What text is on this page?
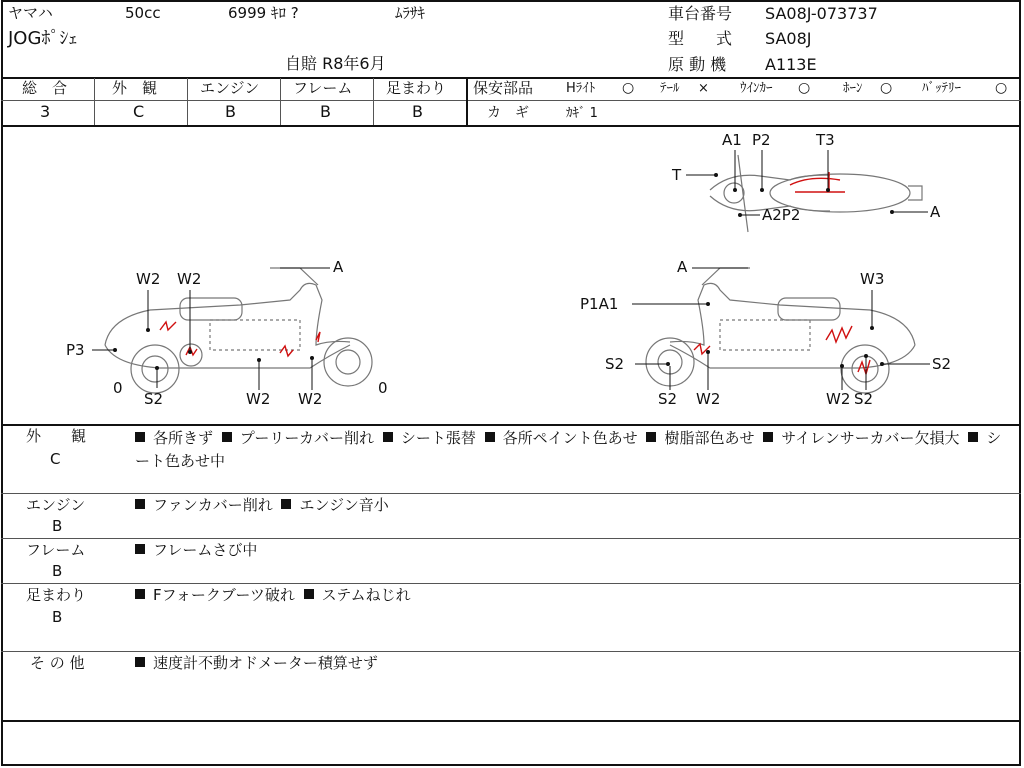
ヤマハ	50cc	6999 ｷﾛ ?	ﾑﾗｻｷ
JOGﾎﾟｼｪ
自賠 R8年6月
車台番号 SA08J-073737
型　　式 SA08J
原 動 機 A113E
総　合	外　観	エンジン フレーム 足まわり
3	C	B	B	B
保安部品	Hﾗｲﾄ ○ ﾃｰﾙ × ｳｲﾝｶｰ ○	ﾎｰﾝ ○ ﾊﾞｯﾃﾘｰ ○
カ　ギ	ｶｷﾞ 1
W2 W2
A
P3
0
S2	W2 W2
0
A
P1A1
W3
S2
S2 W2	W2 S2
S2
A1 P2	T3
T
A2P2	A
外　　観
C
各所きず プーリーカバー削れ シート張替 各所ペイント色あせ 樹脂部色あせ サイレンサーカバー欠損大 シート色あせ中
エンジン
B
ファンカバー削れ エンジン音小
フレーム
B
フレームさび中
足まわり
B
Fフォークブーツ破れ ステムねじれ
そ の 他	速度計不動オドメーター積算せず
